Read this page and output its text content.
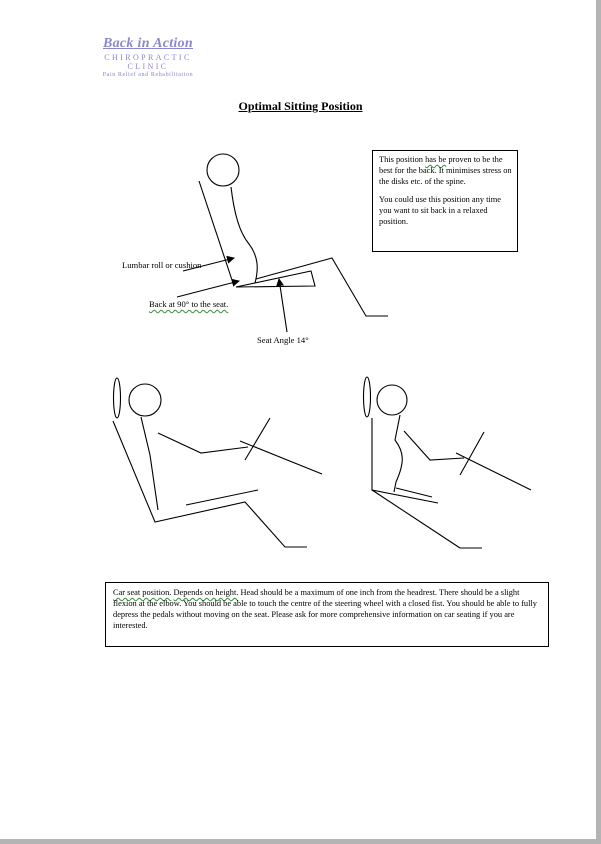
Back in Action
CHIROPRACTIC CLINIC
Pain Relief and Rehabilitation
Optimal Sitting Position

This position has be proven to be the best for the back. It minimises stress on the disks etc. of the spine.

You could use this position any time you want to sit back in a relaxed position.

Lumbar roll or cushion
Back at 90° to the seat.
Seat Angle 14°
Car seat position. Depends on height. Head should be a maximum of one inch from the headrest. There should be a slight flexion at the elbow. You should be able to touch the centre of the steering wheel with a closed fist. You should be able to fully depress the pedals without moving on the seat. Please ask for more comprehensive information on car seating if you are interested.
